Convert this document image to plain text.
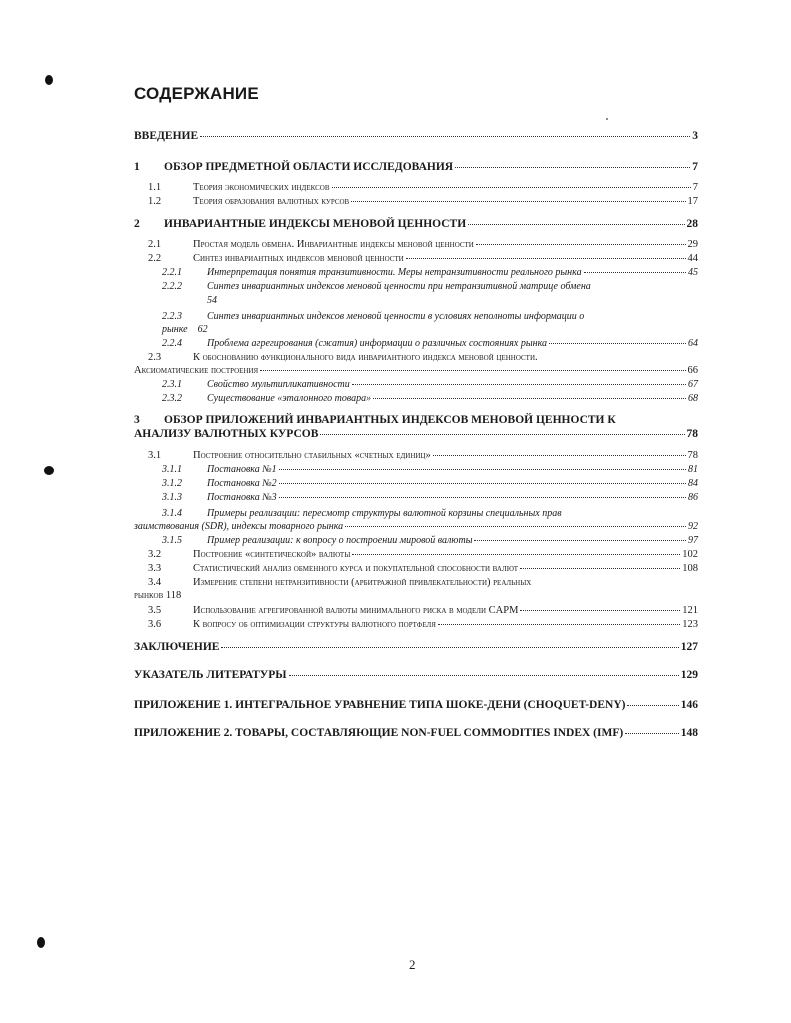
СОДЕРЖАНИЕ
ВВЕДЕНИЕ	3
1	ОБЗОР ПРЕДМЕТНОЙ ОБЛАСТИ ИССЛЕДОВАНИЯ	7
1.1	Теория экономических индексов	7
1.2	Теория образования валютных курсов	17
2	ИНВАРИАНТНЫЕ ИНДЕКСЫ МЕНОВОЙ ЦЕННОСТИ	28
2.1	Простая модель обмена. Инвариантные индексы меновой ценности	29
2.2	Синтез инвариантных индексов меновой ценности	44
2.2.1	Интерпретация понятия транзитивности. Меры нетранзитивности реального рынка	45
2.2.2	Синтез инвариантных индексов меновой ценности при нетранзитивной матрице обмена
54
2.2.3	Синтез инвариантных индексов меновой ценности в условиях неполноты информации о
рынке 62
2.2.4	Проблема агрегирования (сжатия) информации о различных состояниях рынка	64
2.3	К обоснованию функционального вида инвариантного индекса меновой ценности.
Аксиоматические построения	66
2.3.1	Свойство мультипликативности	67
2.3.2	Существование «эталонного товара»	68
3 ОБЗОР ПРИЛОЖЕНИЙ ИНВАРИАНТНЫХ ИНДЕКСОВ МЕНОВОЙ ЦЕННОСТИ К
АНАЛИЗУ ВАЛЮТНЫХ КУРСОВ	78
3.1	Построение относительно стабильных «счетных единиц»	78
3.1.1	Постановка №1	81
3.1.2	Постановка №2	84
3.1.3	Постановка №3	86
3.1.4	Примеры реализации: пересмотр структуры валютной корзины специальных прав
заимствования (SDR), индексы товарного рынка	92
3.1.5	Пример реализации: к вопросу о построении мировой валюты	97
3.2	Построение «синтетической» валюты	102
3.3	Статистический анализ обменного курса и покупательной способности валют	108
3.4	Измерение степени нетранзитивности (арбитражной привлекательности) реальных
рынков 118
3.5	Использование агрегированной валюты минимального риска в модели CAPM	121
3.6	К вопросу об оптимизации структуры валютного портфеля	123
ЗАКЛЮЧЕНИЕ	127
УКАЗАТЕЛЬ ЛИТЕРАТУРЫ	129
ПРИЛОЖЕНИЕ 1. ИНТЕГРАЛЬНОЕ УРАВНЕНИЕ ТИПА ШОКЕ-ДЕНИ (CHOQUET-DENY)	146
ПРИЛОЖЕНИЕ 2. ТОВАРЫ, СОСТАВЛЯЮЩИЕ NON-FUEL COMMODITIES INDEX (IMF)	148
2
